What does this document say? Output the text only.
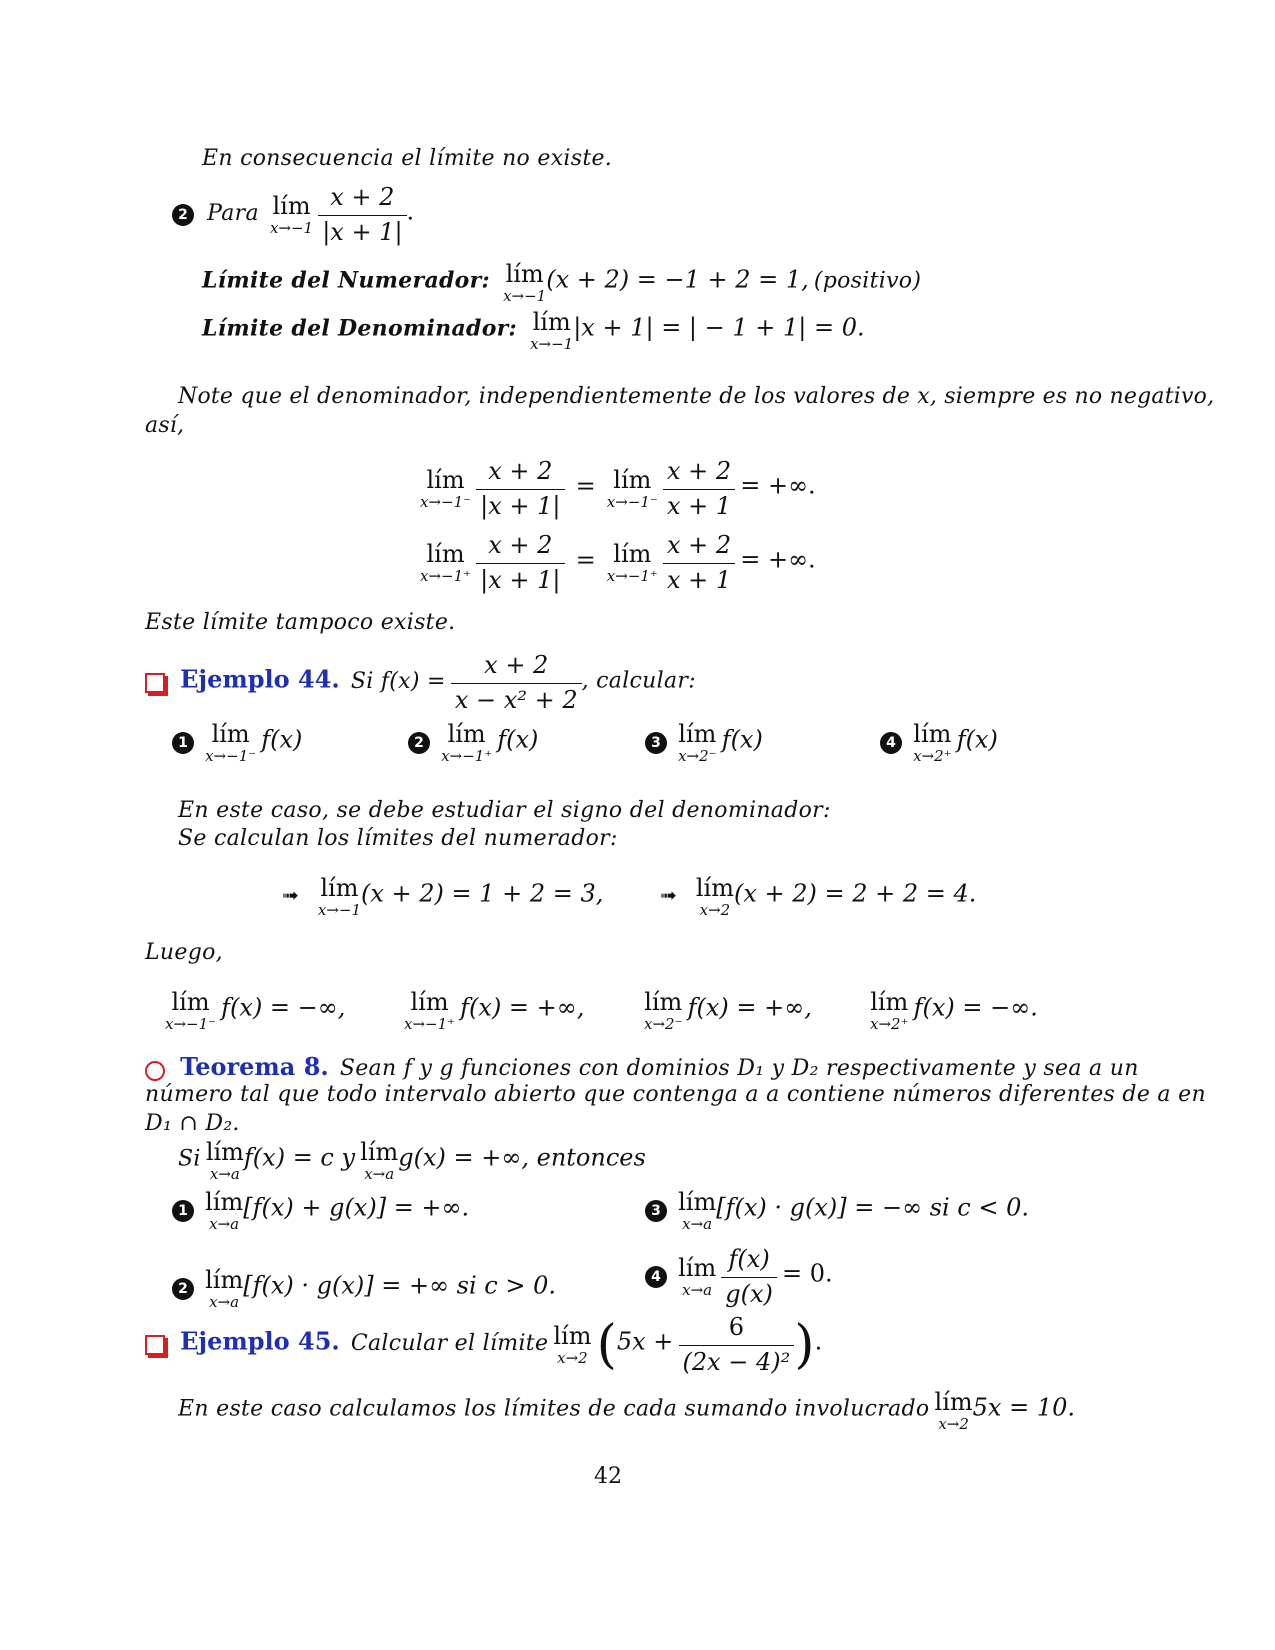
En consecuencia el límite no existe.
2 Para lím
x→−1
$\frac{x + 2}{|x + 1|}$ .
Límite del Numerador: lím
x→−1
(x + 2) = −1 + 2 = 1, (positivo)
Límite del Denominador: lím
x→−1
|x + 1| = | − 1 + 1| = 0.
Note que el denominador, independientemente de los valores de x, siempre es no negativo,
así,
lím
x→−1⁻
$\frac{x + 2}{|x + 1|}$ = lím
x→−1⁻
$\frac{x + 2}{x + 1}$ = +∞.
lím
x→−1⁺
$\frac{x + 2}{|x + 1|}$ = lím
x→−1⁺
$\frac{x + 2}{x + 1}$ = +∞.
Este límite tampoco existe.
Ejemplo 44. Si $f(x) = \frac{x + 2}{\text{x − x² + 2}}$ , calcular:
1 lím
x→−1⁻
f(x)	2 lím
x→−1⁺
f(x)	3 lím
x→2⁻
f(x)	4 lím
x→2⁺
f(x)
En este caso, se debe estudiar el signo del denominador:
Se calculan los límites del numerador:
➟ lím
x→−1
(x + 2) = 1 + 2 = 3,	➟ lím
x→2
(x + 2) = 2 + 2 = 4.
Luego,
lím
x→−1⁻
f(x) = −∞,	lím
x→−1⁺
f(x) = +∞, lím
x→2⁻
f(x) = +∞, lím
x→2⁺
f(x) = −∞.
Teorema 8. Sean f y g funciones con dominios D₁ y D₂ respectivamente y sea a un
número tal que todo intervalo abierto que contenga a a contiene números diferentes de a en
D₁ ∩ D₂.
Si lím
x→a
f(x) = c y lím
x→a
g(x) = +∞, entonces
1 lím
x→a
[f(x) + g(x)] = +∞.	3 lím
x→a
[f(x) · g(x)] = −∞ si c < 0.
2 lím
x→a
[f(x) · g(x)] = +∞ si c > 0.	4 lím
x→a
$\frac{f(x)}{g(x)} = 0$.
Ejemplo 45. Calcular el límite lím
x→2 ($5x + \frac{6}{\text{(2x − 4)²}}$ ).
En este caso calculamos los límites de cada sumando involucrado lím
x→2
5x = 10.
42
